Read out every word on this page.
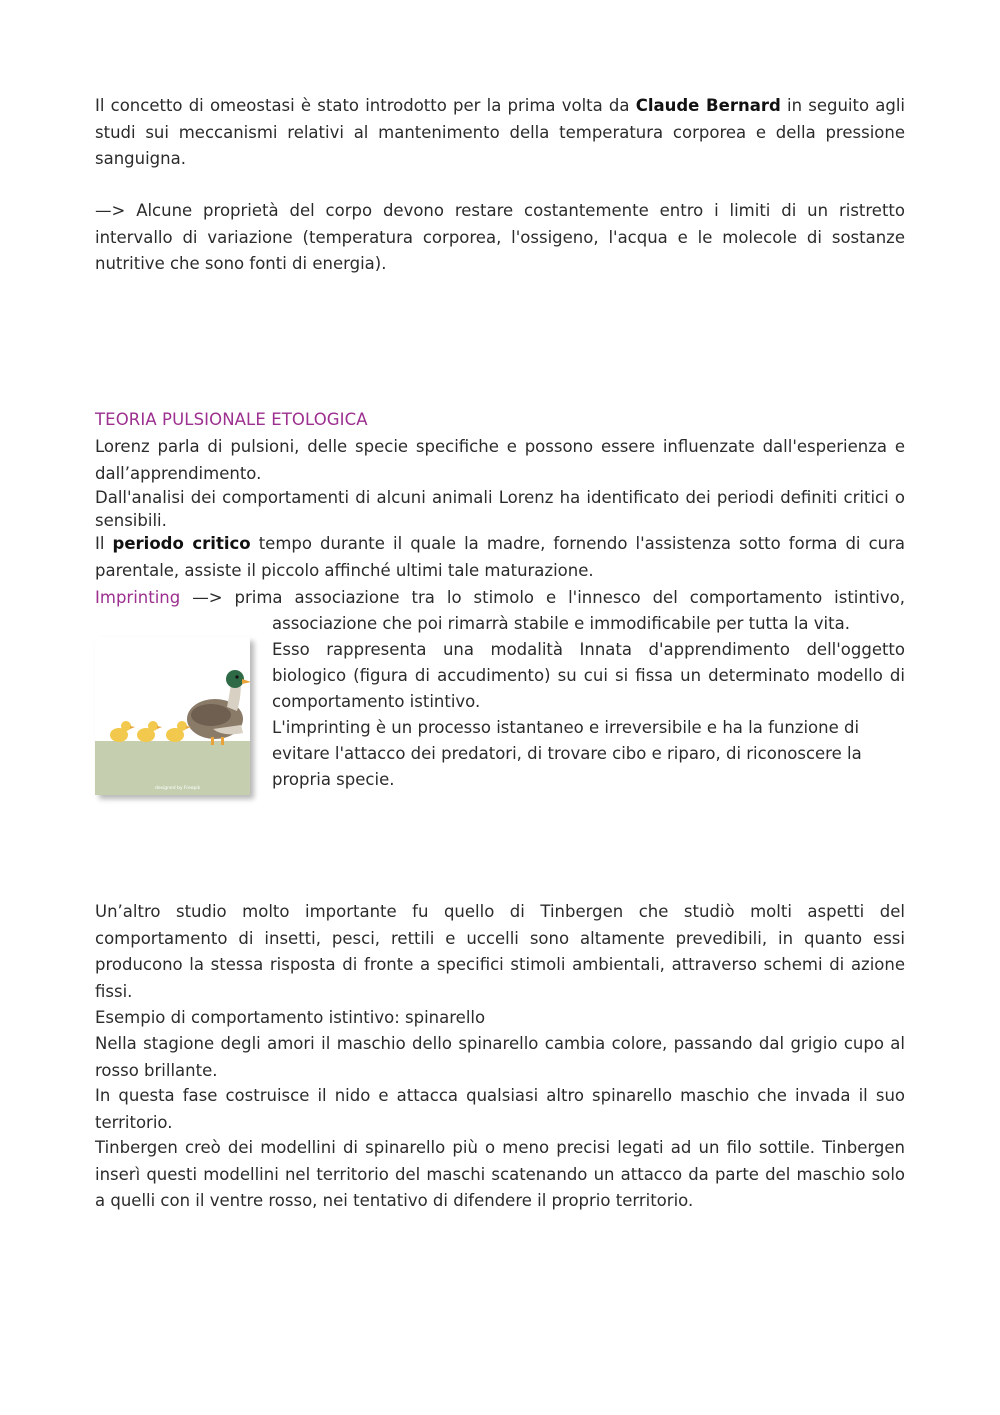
Il concetto di omeostasi è stato introdotto per la prima volta da Claude Bernard in seguito agli studi sui meccanismi relativi al mantenimento della temperatura corporea e della pressione sanguigna.

—> Alcune proprietà del corpo devono restare costantemente entro i limiti di un ristretto intervallo di variazione (temperatura corporea, l'ossigeno, l'acqua e le molecole di sostanze nutritive che sono fonti di energia).

TEORIA PULSIONALE ETOLOGICA

Lorenz parla di pulsioni, delle specie specifiche e possono essere influenzate dall'esperienza e dall’apprendimento.

Dall'analisi dei comportamenti di alcuni animali Lorenz ha identificato dei periodi definiti critici o sensibili.

Il periodo critico tempo durante il quale la madre, fornendo l'assistenza sotto forma di cura parentale, assiste il piccolo affinché ultimi tale maturazione.

Imprinting —> prima associazione tra lo stimolo e l'innesco del comportamento istintivo,
associazione che poi rimarrà stabile e immodificabile per tutta la vita.
Esso rappresenta una modalità Innata d'apprendimento dell'oggetto biologico (figura di accudimento) su cui si fissa un determinato modello di comportamento istintivo.
L'imprinting è un processo istantaneo e irreversibile e ha la funzione di evitare l'attacco dei predatori, di trovare cibo e riparo, di riconoscere la propria specie.
designed by Freepik

Un’altro studio molto importante fu quello di Tinbergen che studiò molti aspetti del comportamento di insetti, pesci, rettili e uccelli sono altamente prevedibili, in quanto essi producono la stessa risposta di fronte a specifici stimoli ambientali, attraverso schemi di azione fissi.

Esempio di comportamento istintivo: spinarello

Nella stagione degli amori il maschio dello spinarello cambia colore, passando dal grigio cupo al rosso brillante.

In questa fase costruisce il nido e attacca qualsiasi altro spinarello maschio che invada il suo territorio.

Tinbergen creò dei modellini di spinarello più o meno precisi legati ad un filo sottile. Tinbergen inserì questi modellini nel territorio del maschi scatenando un attacco da parte del maschio solo a quelli con il ventre rosso, nei tentativo di difendere il proprio territorio.
